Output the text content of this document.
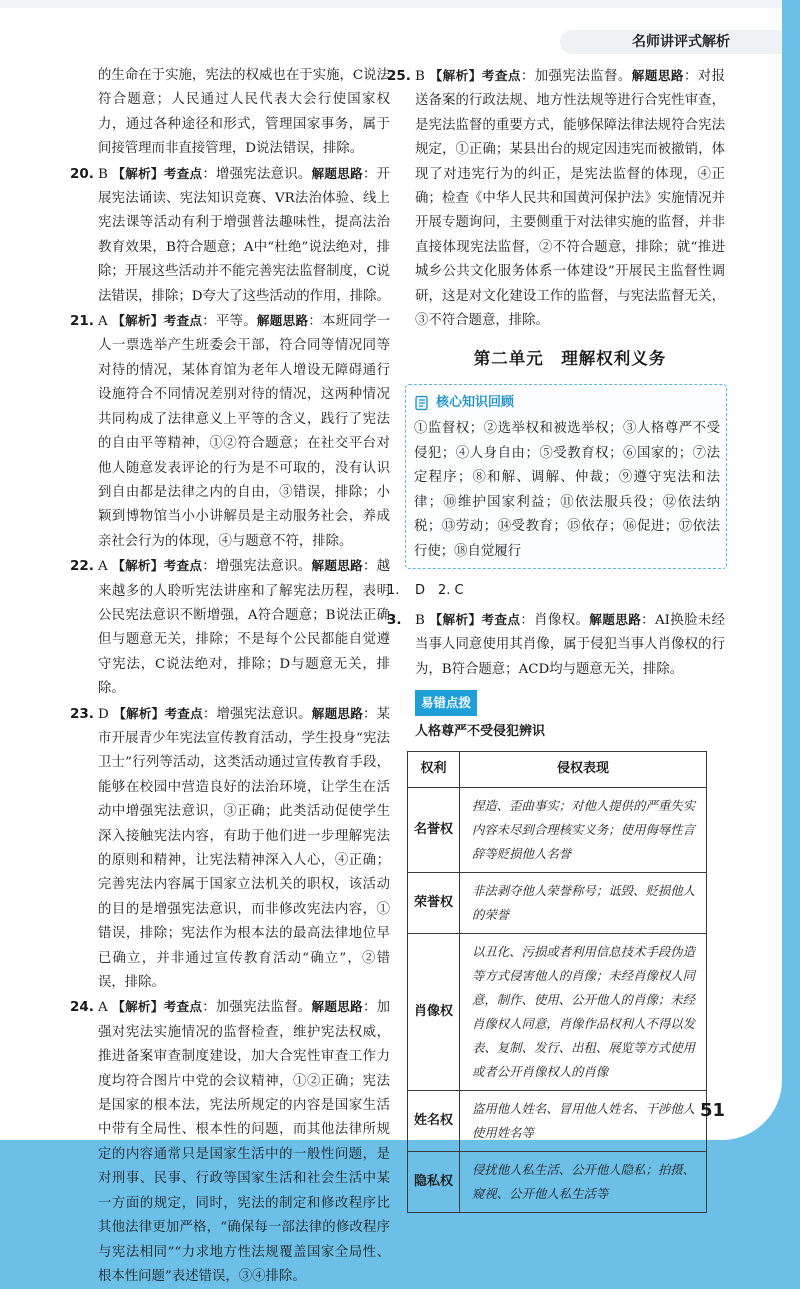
名师讲评式解析

的生命在于实施，宪法的权威也在于实施，C说法符合题意；人民通过人民代表大会行使国家权力，通过各种途径和形式，管理国家事务，属于间接管理而非直接管理，D说法错误，排除。

20. B 【解析】考查点：增强宪法意识。解题思路：开展宪法诵读、宪法知识竞赛、VR法治体验、线上宪法课等活动有利于增强普法趣味性，提高法治教育效果，B符合题意；A中“杜绝”说法绝对，排除；开展这些活动并不能完善宪法监督制度，C说法错误，排除；D夸大了这些活动的作用，排除。
21. A 【解析】考查点：平等。解题思路：本班同学一人一票选举产生班委会干部，符合同等情况同等对待的情况，某体育馆为老年人增设无障碍通行设施符合不同情况差别对待的情况，这两种情况共同构成了法律意义上平等的含义，践行了宪法的自由平等精神，①②符合题意；在社交平台对他人随意发表评论的行为是不可取的，没有认识到自由都是法律之内的自由，③错误，排除；小颖到博物馆当小小讲解员是主动服务社会，养成亲社会行为的体现，④与题意不符，排除。
22. A 【解析】考查点：增强宪法意识。解题思路：越来越多的人聆听宪法讲座和了解宪法历程，表明公民宪法意识不断增强，A符合题意；B说法正确但与题意无关，排除；不是每个公民都能自觉遵守宪法，C说法绝对，排除；D与题意无关，排除。
23. D 【解析】考查点：增强宪法意识。解题思路：某市开展青少年宪法宣传教育活动，学生投身“宪法卫士”行列等活动，这类活动通过宣传教育手段，能够在校园中营造良好的法治环境，让学生在活动中增强宪法意识，③正确；此类活动促使学生深入接触宪法内容，有助于他们进一步理解宪法的原则和精神，让宪法精神深入人心，④正确；完善宪法内容属于国家立法机关的职权，该活动的目的是增强宪法意识，而非修改宪法内容，①错误，排除；宪法作为根本法的最高法律地位早已确立，并非通过宣传教育活动“确立”，②错误，排除。
24. A 【解析】考查点：加强宪法监督。解题思路：加强对宪法实施情况的监督检查，维护宪法权威，推进备案审查制度建设，加大合宪性审查工作力度均符合图片中党的会议精神，①②正确；宪法是国家的根本法，宪法所规定的内容是国家生活中带有全局性、根本性的问题，而其他法律所规定的内容通常只是国家生活中的一般性问题，是对刑事、民事、行政等国家生活和社会生活中某一方面的规定，同时，宪法的制定和修改程序比其他法律更加严格，“确保每一部法律的修改程序与宪法相同”“力求地方性法规覆盖国家全局性、根本性问题”表述错误，③④排除。
25. B 【解析】考查点：加强宪法监督。解题思路：对报送备案的行政法规、地方性法规等进行合宪性审查，是宪法监督的重要方式，能够保障法律法规符合宪法规定，①正确；某县出台的规定因违宪而被撤销，体现了对违宪行为的纠正，是宪法监督的体现，④正确；检查《中华人民共和国黄河保护法》实施情况并开展专题询问，主要侧重于对法律实施的监督，并非直接体现宪法监督，②不符合题意，排除；就“推进城乡公共文化服务体系一体建设”开展民主监督性调研，这是对文化建设工作的监督，与宪法监督无关，③不符合题意，排除。
第二单元　理解权利义务
核心知识回顾
①监督权；②选举权和被选举权；③人格尊严不受侵犯；④人身自由；⑤受教育权；⑥国家的；⑦法定程序；⑧和解、调解、仲裁；⑨遵守宪法和法律；⑩维护国家利益；⑪依法服兵役；⑫依法纳税；⑬劳动；⑭受教育；⑮依存；⑯促进；⑰依法行使；⑱自觉履行
1. D　2. C
3. B 【解析】考查点：肖像权。解题思路：AI换脸未经当事人同意使用其肖像，属于侵犯当事人肖像权的行为，B符合题意；ACD均与题意无关，排除。
易错点拨
人格尊严不受侵犯辨识
权利	侵权表现
名誉权	捏造、歪曲事实；对他人提供的严重失实内容未尽到合理核实义务；使用侮辱性言辞等贬损他人名誉
荣誉权	非法剥夺他人荣誉称号；诋毁、贬损他人的荣誉
肖像权	以丑化、污损或者利用信息技术手段伪造等方式侵害他人的肖像；未经肖像权人同意，制作、使用、公开他人的肖像；未经肖像权人同意，肖像作品权利人不得以发表、复制、发行、出租、展览等方式使用或者公开肖像权人的肖像
姓名权	盗用他人姓名、冒用他人姓名、干涉他人使用姓名等
隐私权	侵扰他人私生活、公开他人隐私；拍摄、窥视、公开他人私生活等
51
